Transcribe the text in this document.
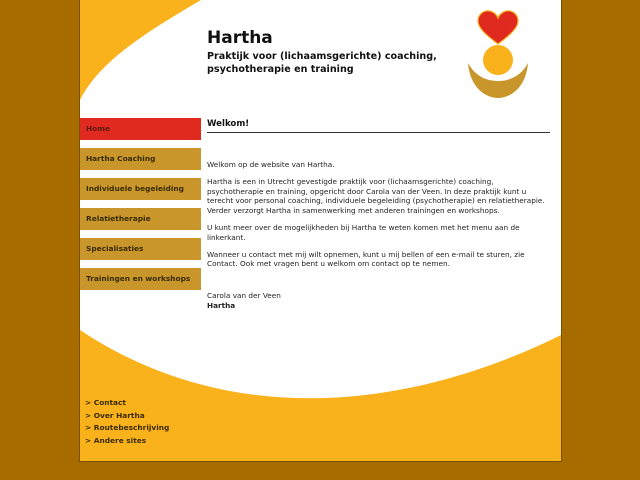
Hartha
Praktijk voor (lichaamsgerichte) coaching,
psychotherapie en training
Home
Hartha Coaching
Individuele begeleiding
Relatietherapie
Specialisaties
Trainingen en workshops
Welkom!

Welkom op de website van Hartha.

Hartha is een in Utrecht gevestigde praktijk voor (lichaamsgerichte) coaching, psychotherapie en training, opgericht door Carola van der Veen. In deze praktijk kunt u terecht voor personal coaching, individuele begeleiding (psychotherapie) en relatietherapie. Verder verzorgt Hartha in samenwerking met anderen trainingen en workshops.

U kunt meer over de mogelijkheden bij Hartha te weten komen met het menu aan de linkerkant.

Wanneer u contact met mij wilt opnemen, kunt u mij bellen of een e-mail te sturen, zie Contact. Ook met vragen bent u welkom om contact op te nemen.

Carola van der Veen
Hartha
> Contact
> Over Hartha
> Routebeschrijving
> Andere sites
